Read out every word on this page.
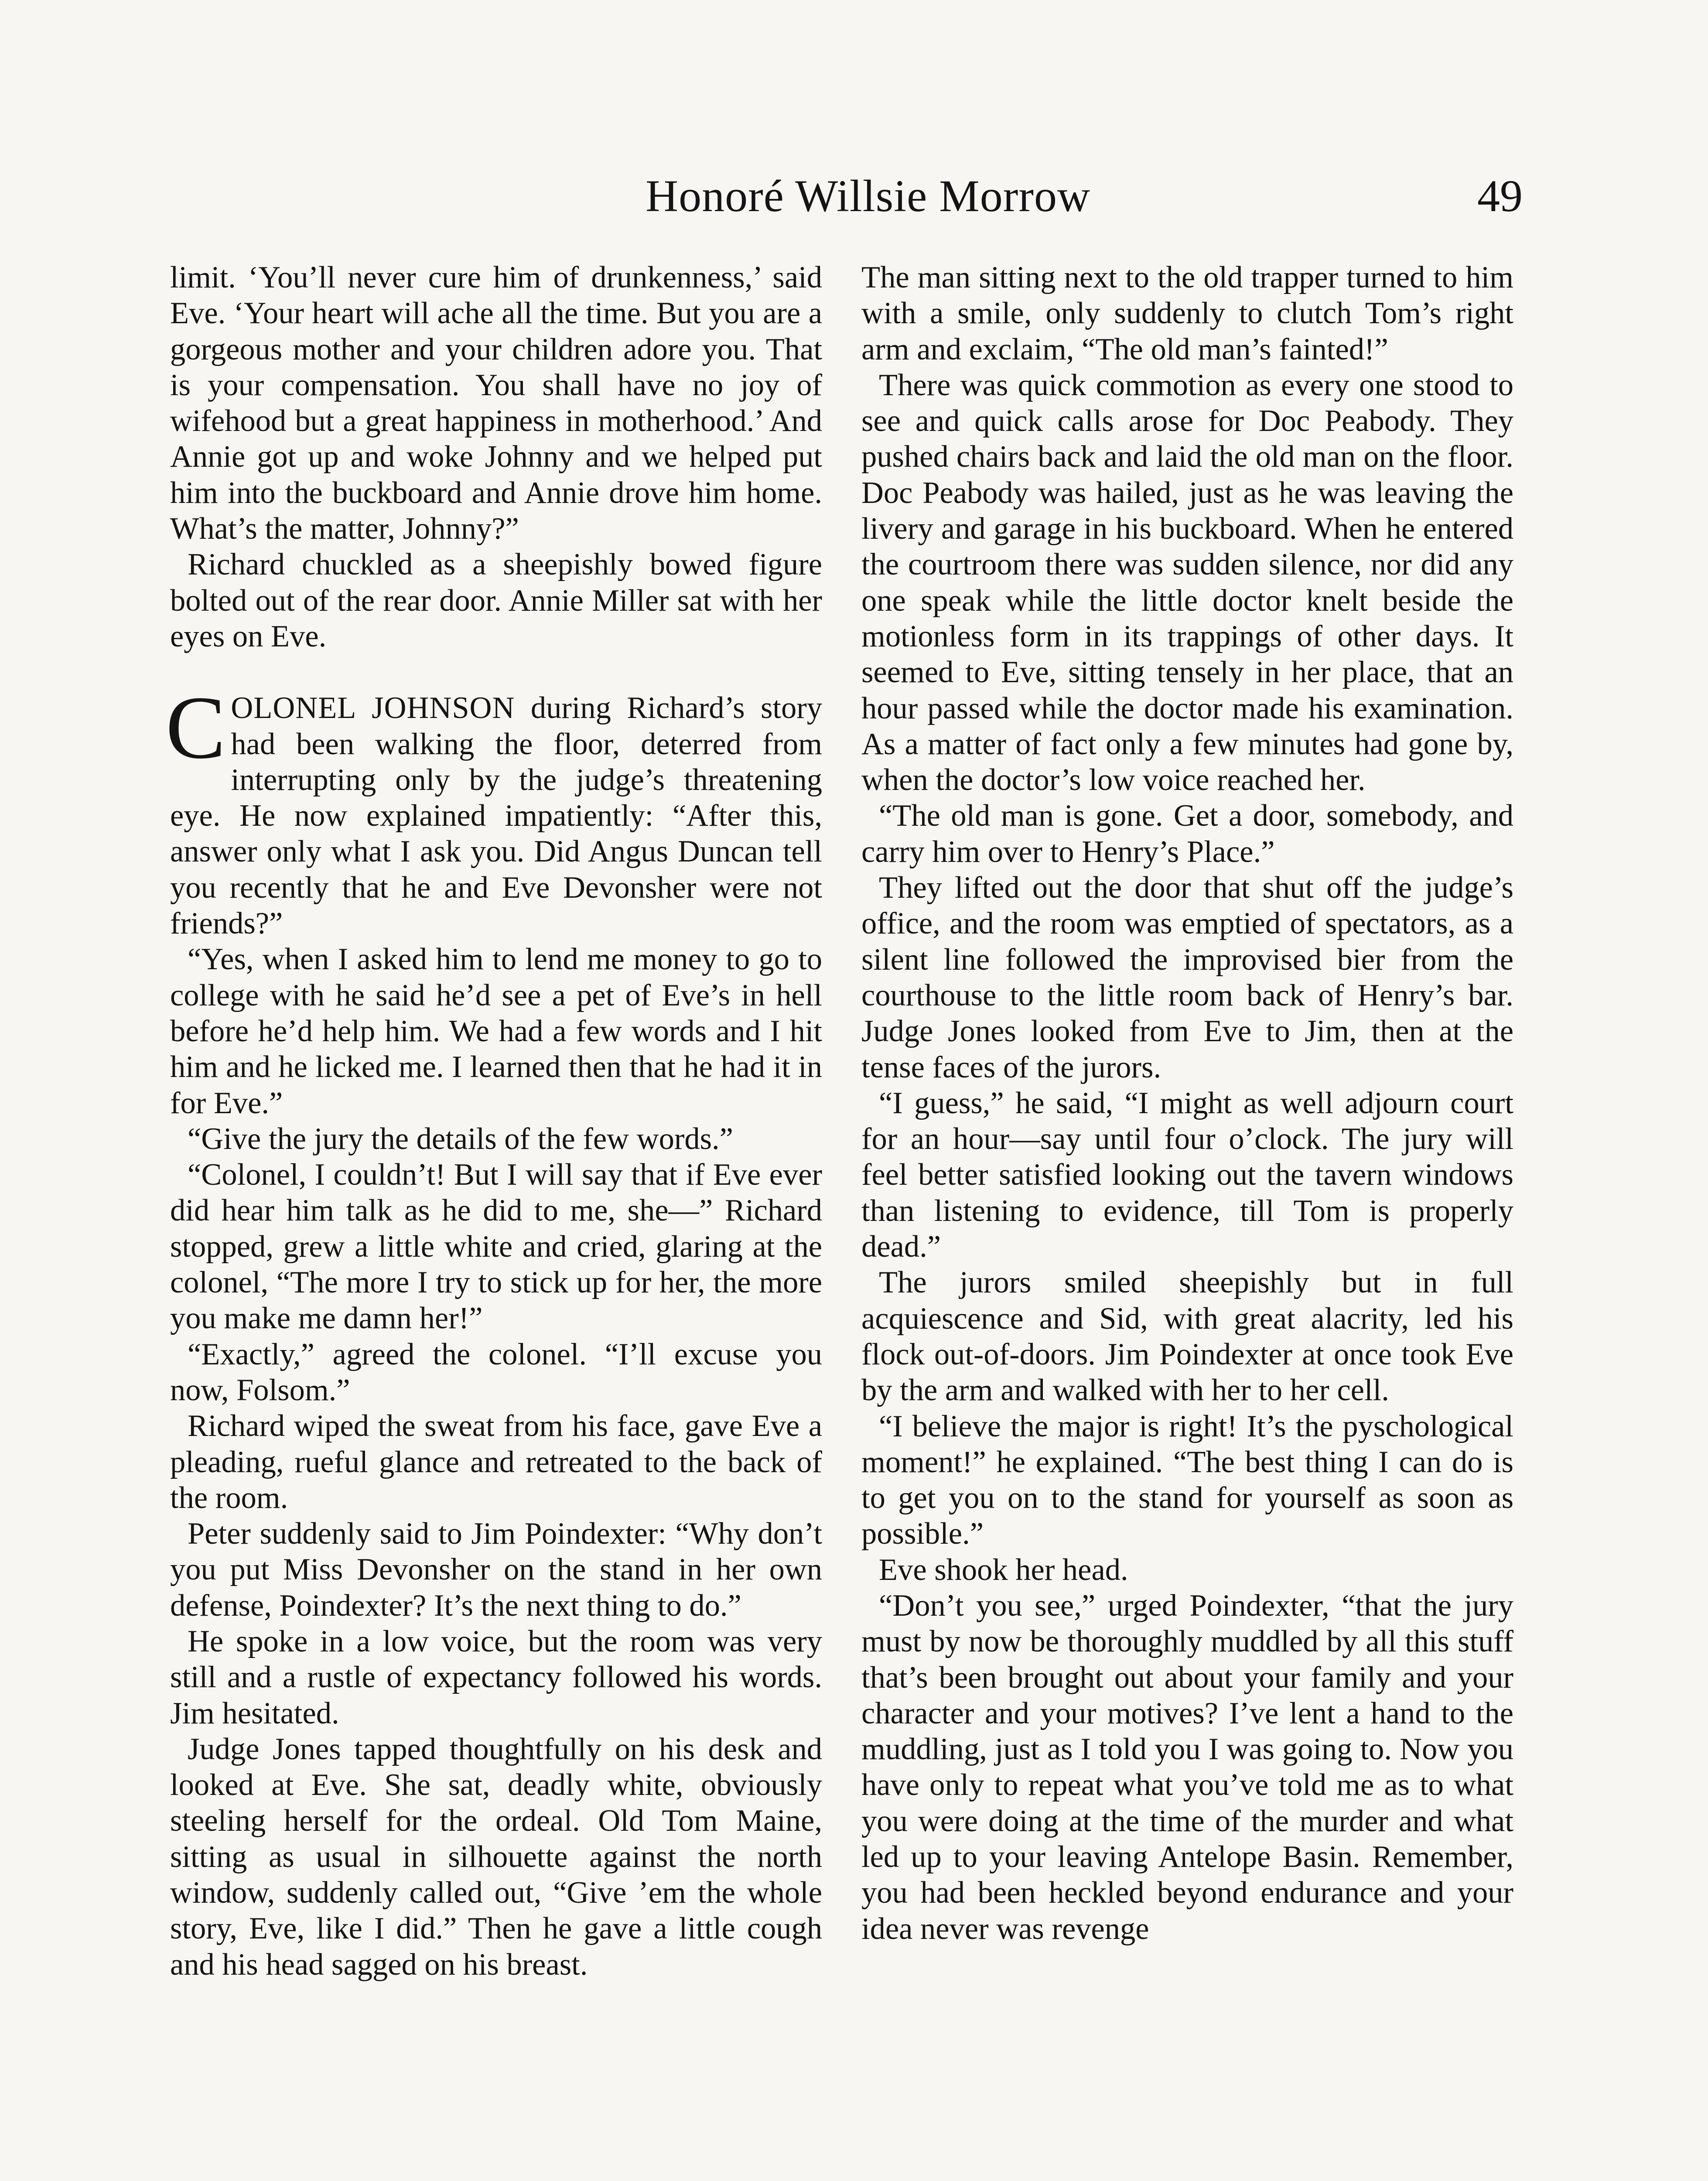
Honoré Willsie Morrow	49

limit. ‘You’ll never cure him of drunkenness,’ said Eve. ‘Your heart will ache all the time. But you are a gorgeous mother and your children adore you. That is your compensation. You shall have no joy of wifehood but a great happiness in motherhood.’ And Annie got up and woke Johnny and we helped put him into the buckboard and Annie drove him home. What’s the matter, Johnny?”

Richard chuckled as a sheepishly bowed figure bolted out of the rear door. Annie Miller sat with her eyes on Eve.

COLONEL JOHNSON during Richard’s story had been walking the floor, deterred from interrupting only by the judge’s threatening eye. He now explained impatiently: “After this, answer only what I ask you. Did Angus Duncan tell you recently that he and Eve Devonsher were not friends?”

“Yes, when I asked him to lend me money to go to college with he said he’d see a pet of Eve’s in hell before he’d help him. We had a few words and I hit him and he licked me. I learned then that he had it in for Eve.”

“Give the jury the details of the few words.”

“Colonel, I couldn’t! But I will say that if Eve ever did hear him talk as he did to me, she—” Richard stopped, grew a little white and cried, glaring at the colonel, “The more I try to stick up for her, the more you make me damn her!”

“Exactly,” agreed the colonel. “I’ll excuse you now, Folsom.”

Richard wiped the sweat from his face, gave Eve a pleading, rueful glance and retreated to the back of the room.

Peter suddenly said to Jim Poindexter: “Why don’t you put Miss Devonsher on the stand in her own defense, Poindexter? It’s the next thing to do.”

He spoke in a low voice, but the room was very still and a rustle of expectancy followed his words. Jim hesitated.

Judge Jones tapped thoughtfully on his desk and looked at Eve. She sat, deadly white, obviously steeling herself for the ordeal. Old Tom Maine, sitting as usual in silhouette against the north window, suddenly called out, “Give ’em the whole story, Eve, like I did.” Then he gave a little cough and his head sagged on his breast.

The man sitting next to the old trapper turned to him with a smile, only suddenly to clutch Tom’s right arm and exclaim, “The old man’s fainted!”

There was quick commotion as every one stood to see and quick calls arose for Doc Peabody. They pushed chairs back and laid the old man on the floor. Doc Peabody was hailed, just as he was leaving the livery and garage in his buckboard. When he entered the courtroom there was sudden silence, nor did any one speak while the little doctor knelt beside the motionless form in its trappings of other days. It seemed to Eve, sitting tensely in her place, that an hour passed while the doctor made his examination. As a matter of fact only a few minutes had gone by, when the doctor’s low voice reached her.

“The old man is gone. Get a door, somebody, and carry him over to Henry’s Place.”

They lifted out the door that shut off the judge’s office, and the room was emptied of spectators, as a silent line followed the improvised bier from the courthouse to the little room back of Henry’s bar. Judge Jones looked from Eve to Jim, then at the tense faces of the jurors.

“I guess,” he said, “I might as well adjourn court for an hour—say until four o’clock. The jury will feel better satisfied looking out the tavern windows than listening to evidence, till Tom is properly dead.”

The jurors smiled sheepishly but in full acquiescence and Sid, with great alacrity, led his flock out-of-doors. Jim Poindexter at once took Eve by the arm and walked with her to her cell.

“I believe the major is right! It’s the pyschological moment!” he explained. “The best thing I can do is to get you on to the stand for yourself as soon as possible.”

Eve shook her head.

“Don’t you see,” urged Poindexter, “that the jury must by now be thoroughly muddled by all this stuff that’s been brought out about your family and your character and your motives? I’ve lent a hand to the muddling, just as I told you I was going to. Now you have only to repeat what you’ve told me as to what you were doing at the time of the murder and what led up to your leaving Antelope Basin. Remember, you had been heckled beyond endurance and your idea never was revenge
